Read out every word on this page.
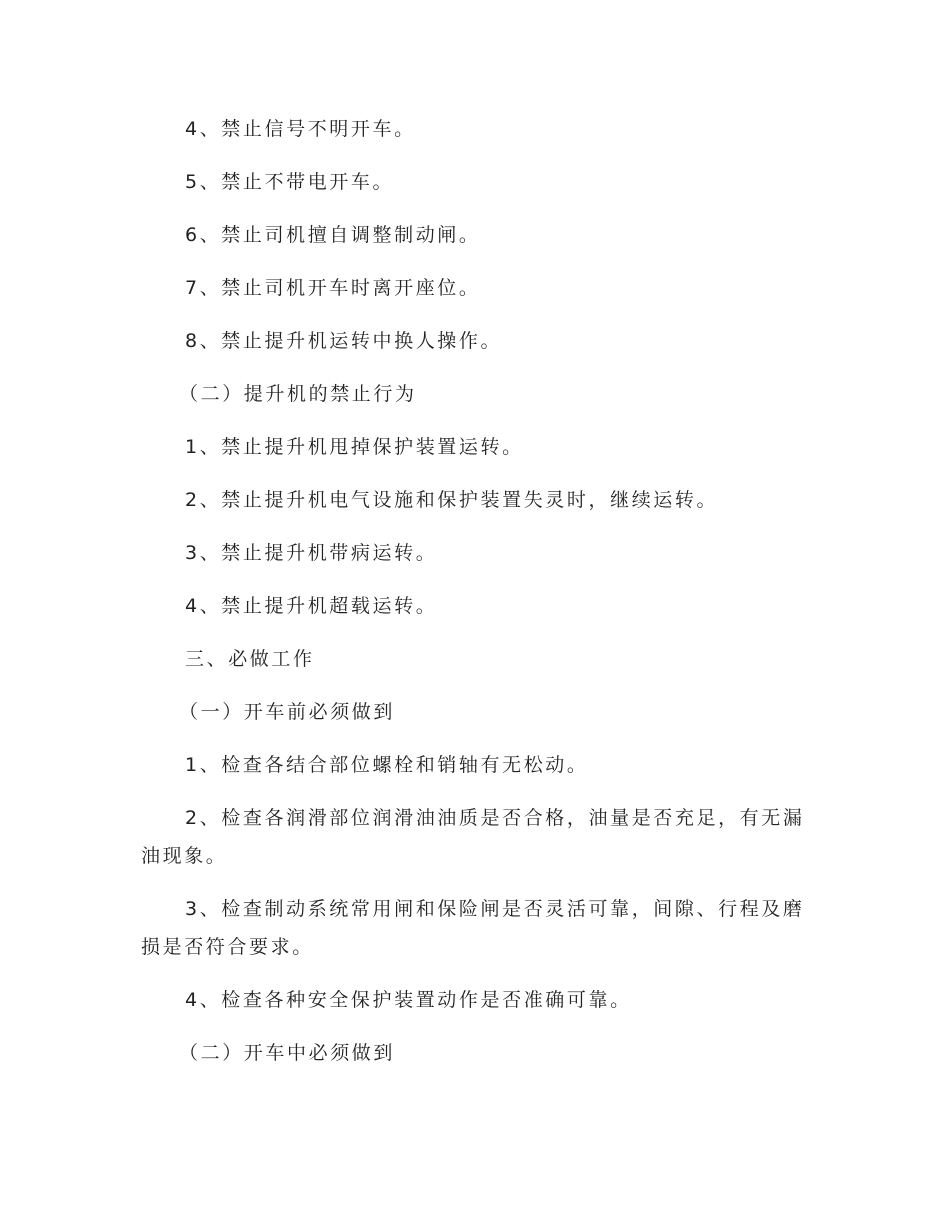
4、禁止信号不明开车。

5、禁止不带电开车。

6、禁止司机擅自调整制动闸。

7、禁止司机开车时离开座位。

8、禁止提升机运转中换人操作。

（二）提升机的禁止行为

1、禁止提升机甩掉保护装置运转。

2、禁止提升机电气设施和保护装置失灵时，继续运转。

3、禁止提升机带病运转。

4、禁止提升机超载运转。

三、必做工作

（一）开车前必须做到

1、检查各结合部位螺栓和销轴有无松动。

2、检查各润滑部位润滑油油质是否合格，油量是否充足，有无漏油现象。

3、检查制动系统常用闸和保险闸是否灵活可靠，间隙、行程及磨损是否符合要求。

4、检查各种安全保护装置动作是否准确可靠。

（二）开车中必须做到
